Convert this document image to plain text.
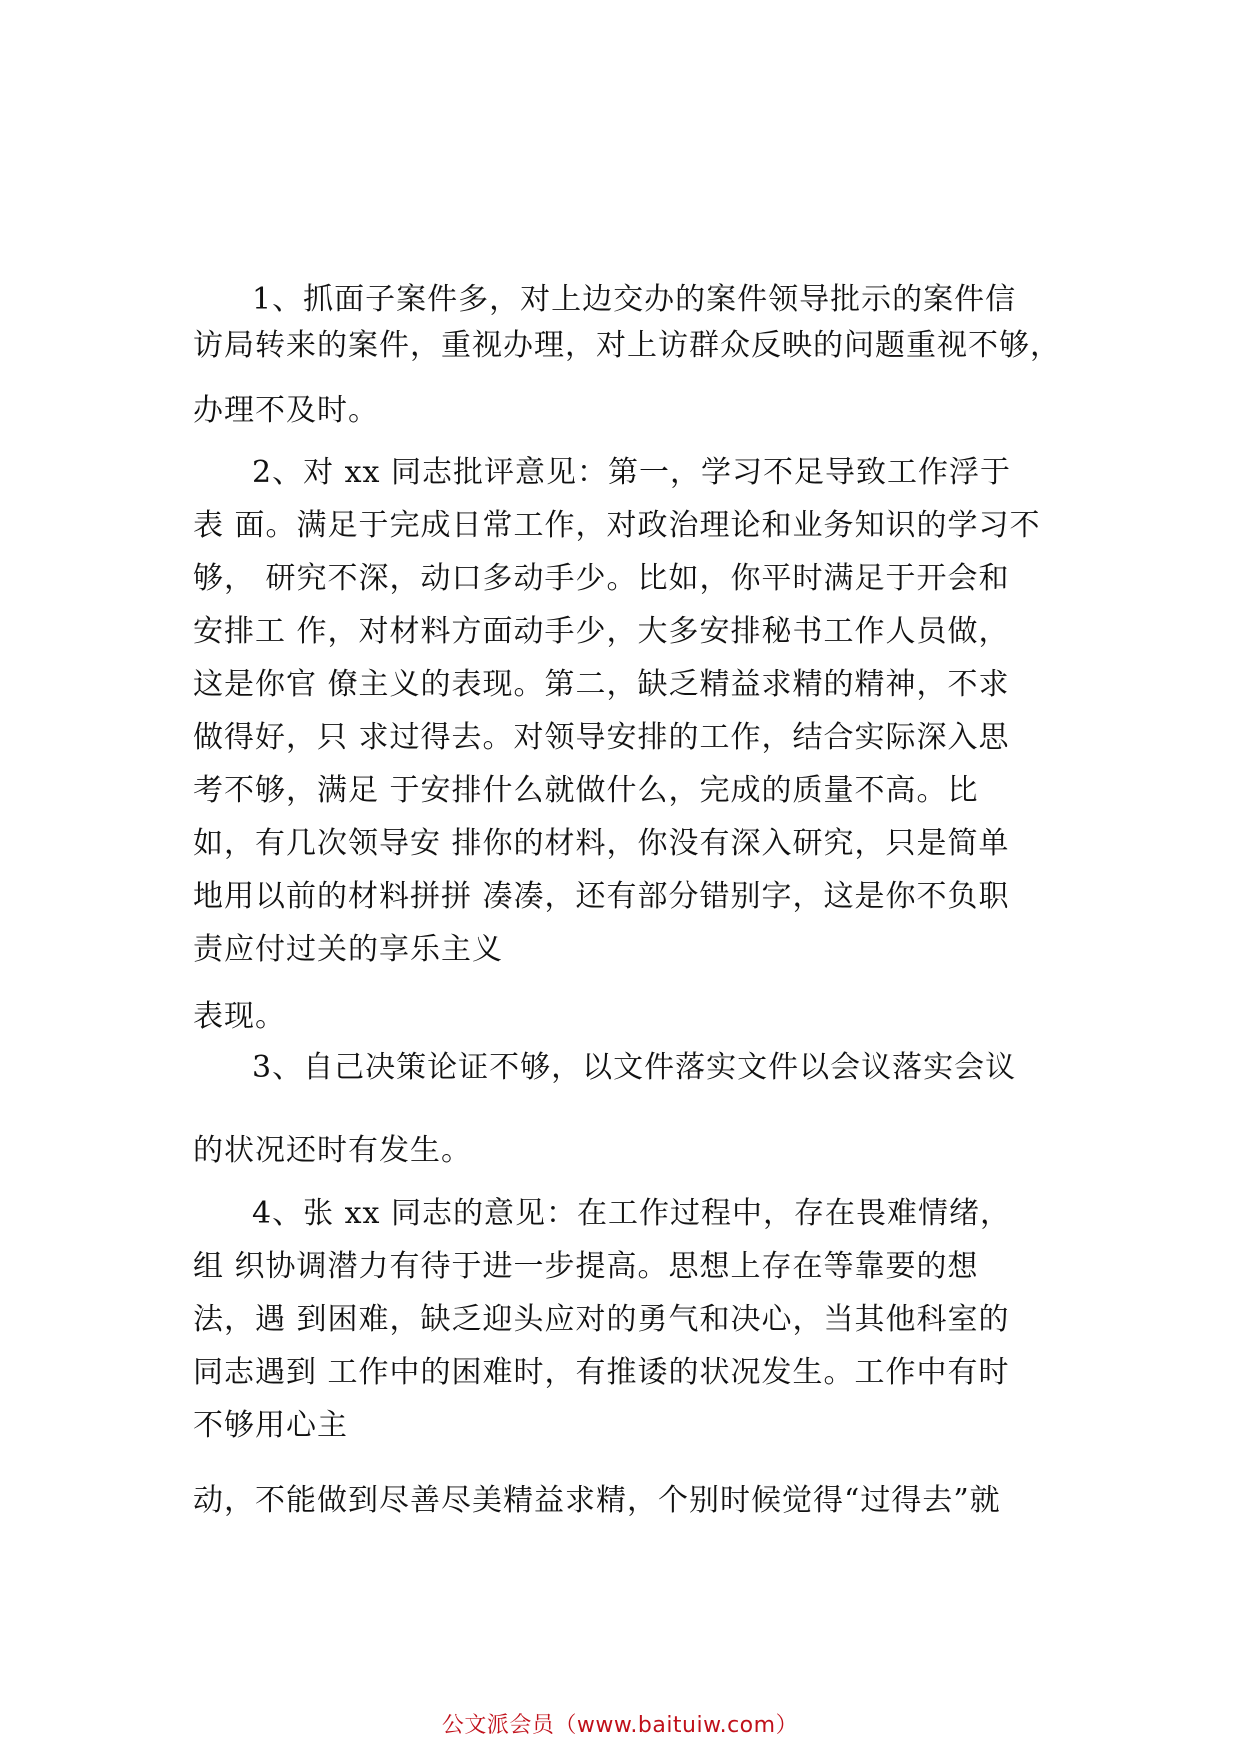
1、抓面子案件多，对上边交办的案件领导批示的案件信
访局转来的案件，重视办理，对上访群众反映的问题重视不够，
办理不及时。
2、对 xx 同志批评意见：第一，学习不足导致工作浮于
表 面。满足于完成日常工作，对政治理论和业务知识的学习不
够， 研究不深，动口多动手少。比如，你平时满足于开会和
安排工 作，对材料方面动手少，大多安排秘书工作人员做，
这是你官 僚主义的表现。第二，缺乏精益求精的精神，不求
做得好，只 求过得去。对领导安排的工作，结合实际深入思
考不够，满足 于安排什么就做什么，完成的质量不高。比
如，有几次领导安 排你的材料，你没有深入研究，只是简单
地用以前的材料拼拼 凑凑，还有部分错别字，这是你不负职
责应付过关的享乐主义
表现。
3、自己决策论证不够，以文件落实文件以会议落实会议
的状况还时有发生。
4、张 xx 同志的意见：在工作过程中，存在畏难情绪，
组 织协调潜力有待于进一步提高。思想上存在等靠要的想
法，遇 到困难，缺乏迎头应对的勇气和决心，当其他科室的
同志遇到 工作中的困难时，有推诿的状况发生。工作中有时
不够用心主
动，不能做到尽善尽美精益求精，个别时候觉得“过得去”就
公文派会员（www.baituiw.com）
